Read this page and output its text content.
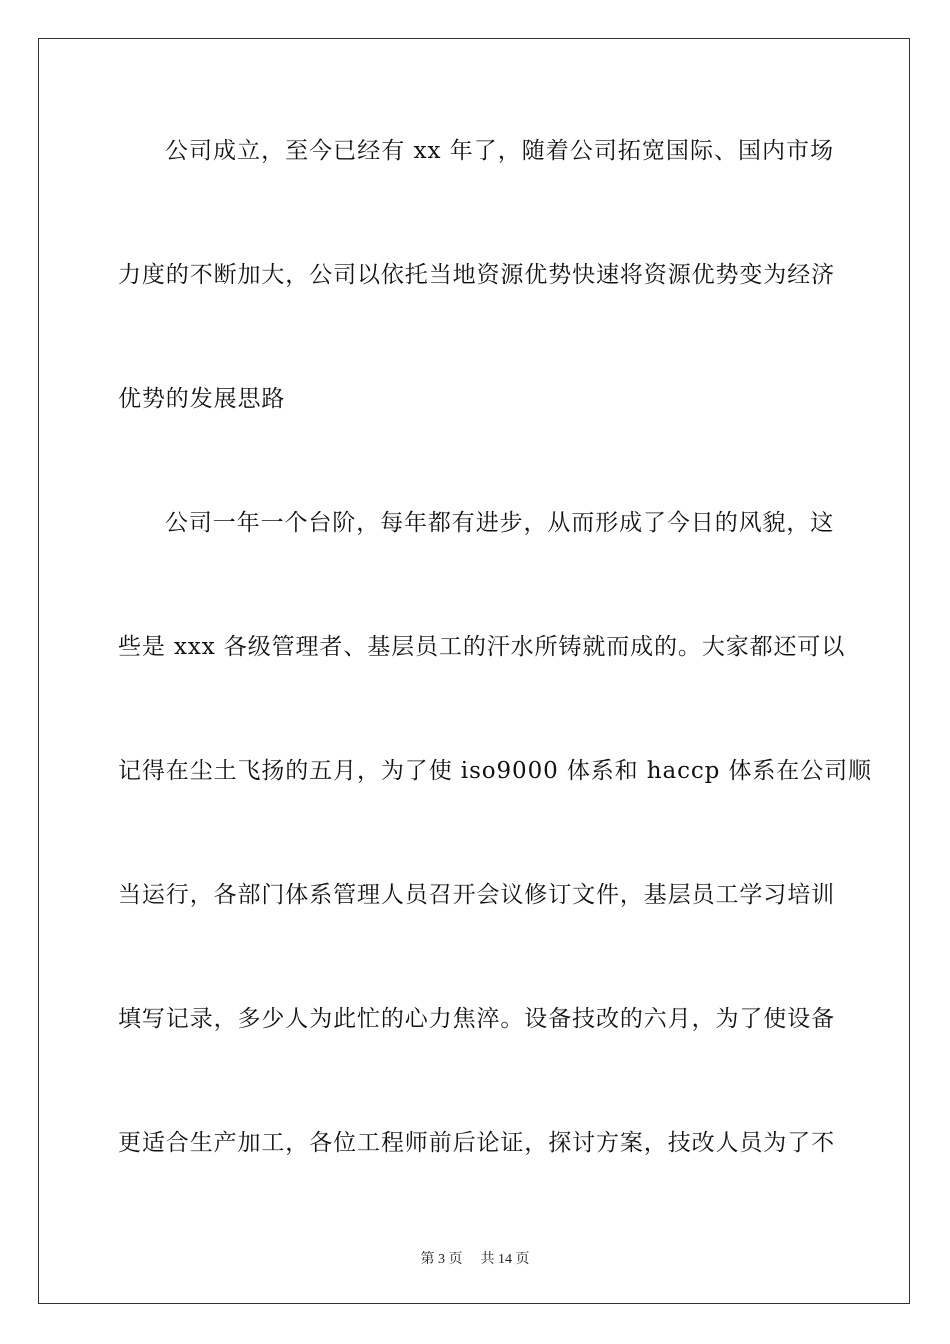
公司成立，至今已经有 xx 年了，随着公司拓宽国际、国内市场
力度的不断加大，公司以依托当地资源优势快速将资源优势变为经济
优势的发展思路
公司一年一个台阶，每年都有进步，从而形成了今日的风貌，这
些是 xxx 各级管理者、基层员工的汗水所铸就而成的。大家都还可以
记得在尘土飞扬的五月，为了使 iso9000 体系和 haccp 体系在公司顺
当运行，各部门体系管理人员召开会议修订文件，基层员工学习培训
填写记录，多少人为此忙的心力焦淬。设备技改的六月，为了使设备
更适合生产加工，各位工程师前后论证，探讨方案，技改人员为了不
第 3 页 共 14 页
